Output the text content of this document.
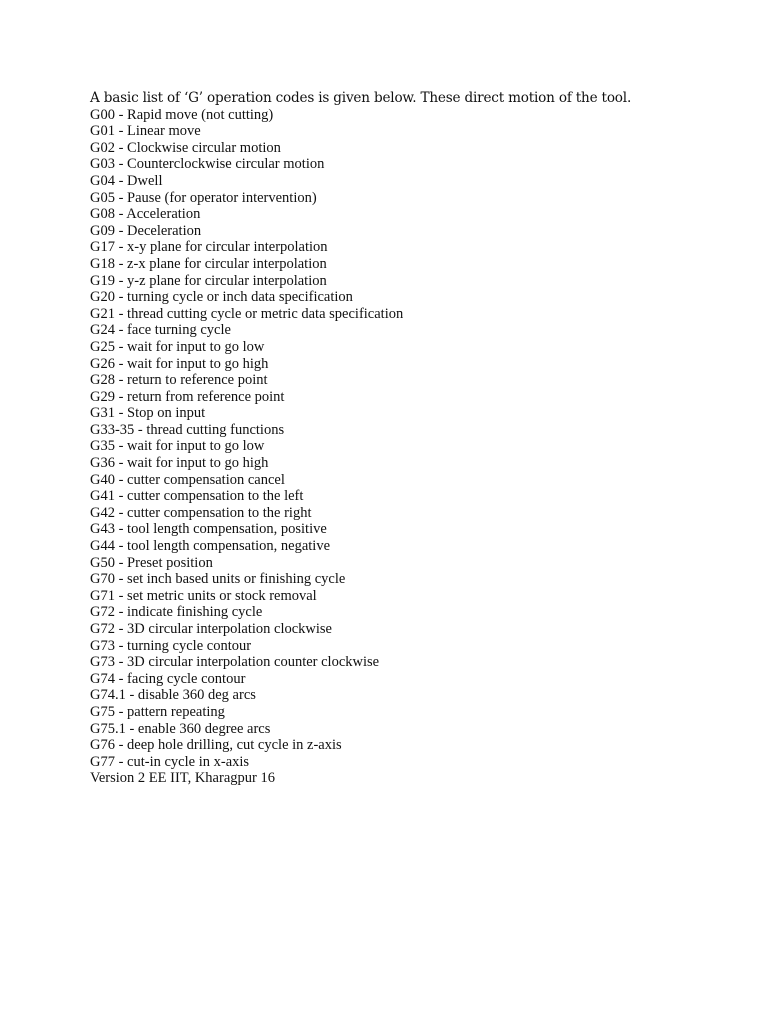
A basic list of ‘G’ operation codes is given below. These direct motion of the tool.
G00 - Rapid move (not cutting)
G01 - Linear move
G02 - Clockwise circular motion
G03 - Counterclockwise circular motion
G04 - Dwell
G05 - Pause (for operator intervention)
G08 - Acceleration
G09 - Deceleration
G17 - x-y plane for circular interpolation
G18 - z-x plane for circular interpolation
G19 - y-z plane for circular interpolation
G20 - turning cycle or inch data specification
G21 - thread cutting cycle or metric data specification
G24 - face turning cycle
G25 - wait for input to go low
G26 - wait for input to go high
G28 - return to reference point
G29 - return from reference point
G31 - Stop on input
G33-35 - thread cutting functions
G35 - wait for input to go low
G36 - wait for input to go high
G40 - cutter compensation cancel
G41 - cutter compensation to the left
G42 - cutter compensation to the right
G43 - tool length compensation, positive
G44 - tool length compensation, negative
G50 - Preset position
G70 - set inch based units or finishing cycle
G71 - set metric units or stock removal
G72 - indicate finishing cycle
G72 - 3D circular interpolation clockwise
G73 - turning cycle contour
G73 - 3D circular interpolation counter clockwise
G74 - facing cycle contour
G74.1 - disable 360 deg arcs
G75 - pattern repeating
G75.1 - enable 360 degree arcs
G76 - deep hole drilling, cut cycle in z-axis
G77 - cut-in cycle in x-axis
Version 2 EE IIT, Kharagpur 16
